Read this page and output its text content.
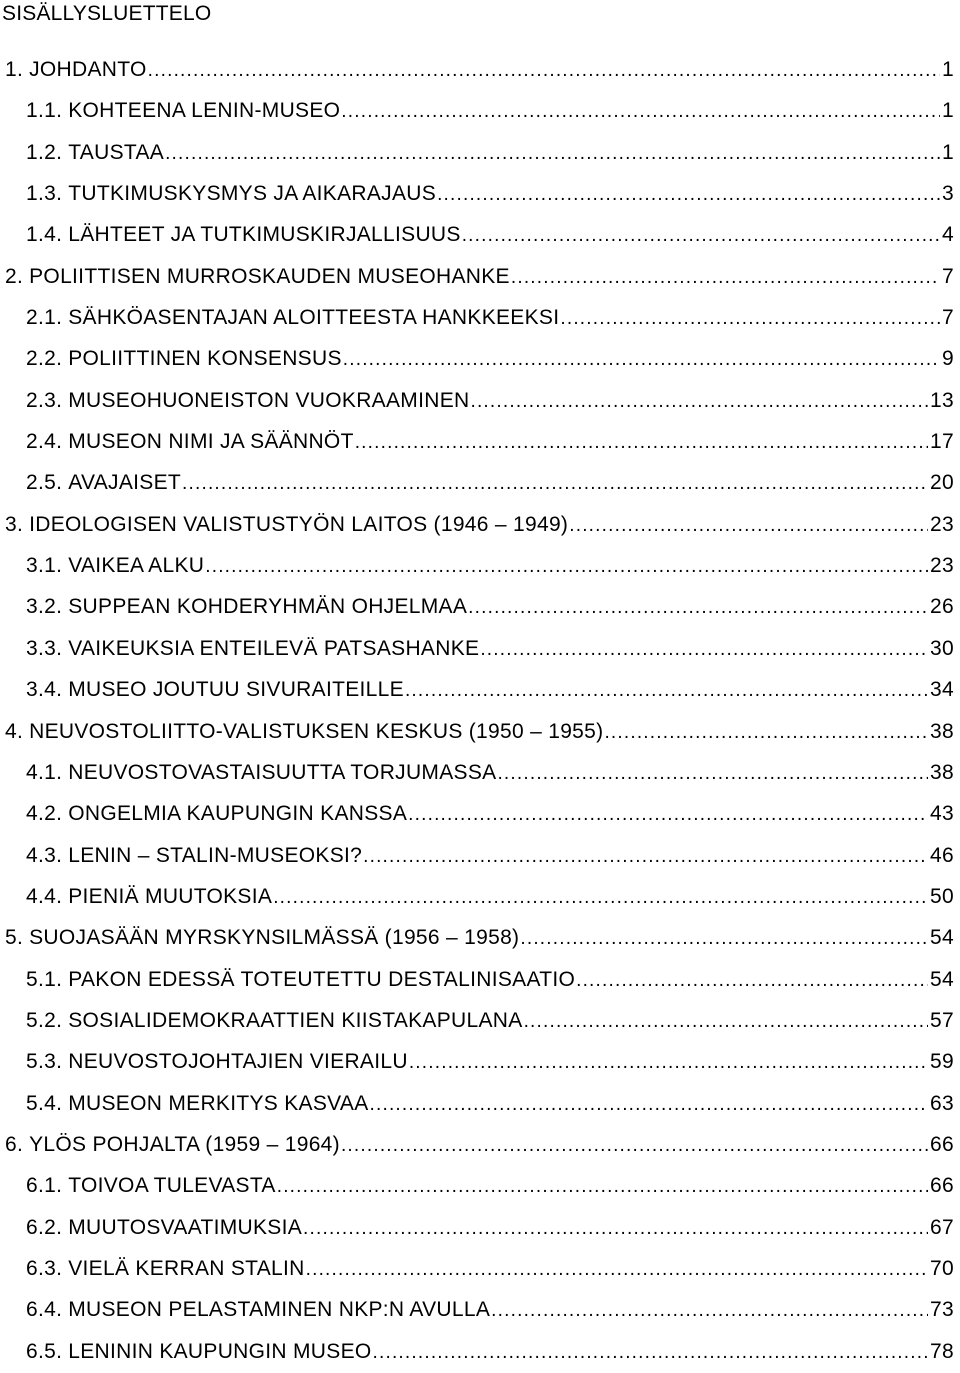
SISÄLLYSLUETTELO
1. JOHDANTO .....	1
1.1. KOHTEENA LENIN-MUSEO .....	1
1.2. TAUSTAA .....	1
1.3. TUTKIMUSKYSMYS JA AIKARAJAUS .....	3
1.4. LÄHTEET JA TUTKIMUSKIRJALLISUUS .....	4
2. POLIITTISEN MURROSKAUDEN MUSEOHANKE .....	7
2.1. SÄHKÖASENTAJAN ALOITTEESTA HANKKEEKSI .....	7
2.2. POLIITTINEN KONSENSUS .....	9
2.3. MUSEOHUONEISTON VUOKRAAMINEN .....	13
2.4. MUSEON NIMI JA SÄÄNNÖT .....	17
2.5. AVAJAISET .....	20
3. IDEOLOGISEN VALISTUSTYÖN LAITOS (1946 – 1949) .....	23
3.1. VAIKEA ALKU .....	23
3.2. SUPPEAN KOHDERYHMÄN OHJELMAA .....	26
3.3. VAIKEUKSIA ENTEILEVÄ PATSASHANKE .....	30
3.4. MUSEO JOUTUU SIVURAITEILLE .....	34
4. NEUVOSTOLIITTO-VALISTUKSEN KESKUS (1950 – 1955) .....	38
4.1. NEUVOSTOVASTAISUUTTA TORJUMASSA .....	38
4.2. ONGELMIA KAUPUNGIN KANSSA .....	43
4.3. LENIN – STALIN-MUSEOKSI? .....	46
4.4. PIENIÄ MUUTOKSIA .....	50
5. SUOJASÄÄN MYRSKYNSILMÄSSÄ (1956 – 1958) .....	54
5.1. PAKON EDESSÄ TOTEUTETTU DESTALINISAATIO .....	54
5.2. SOSIALIDEMOKRAATTIEN KIISTAKAPULANA .....	57
5.3. NEUVOSTOJOHTAJIEN VIERAILU .....	59
5.4. MUSEON MERKITYS KASVAA .....	63
6. YLÖS POHJALTA (1959 – 1964) .....	66
6.1. TOIVOA TULEVASTA .....	66
6.2. MUUTOSVAATIMUKSIA .....	67
6.3. VIELÄ KERRAN STALIN .....	70
6.4. MUSEON PELASTAMINEN NKP:N AVULLA .....	73
6.5. LENININ KAUPUNGIN MUSEO .....	78
